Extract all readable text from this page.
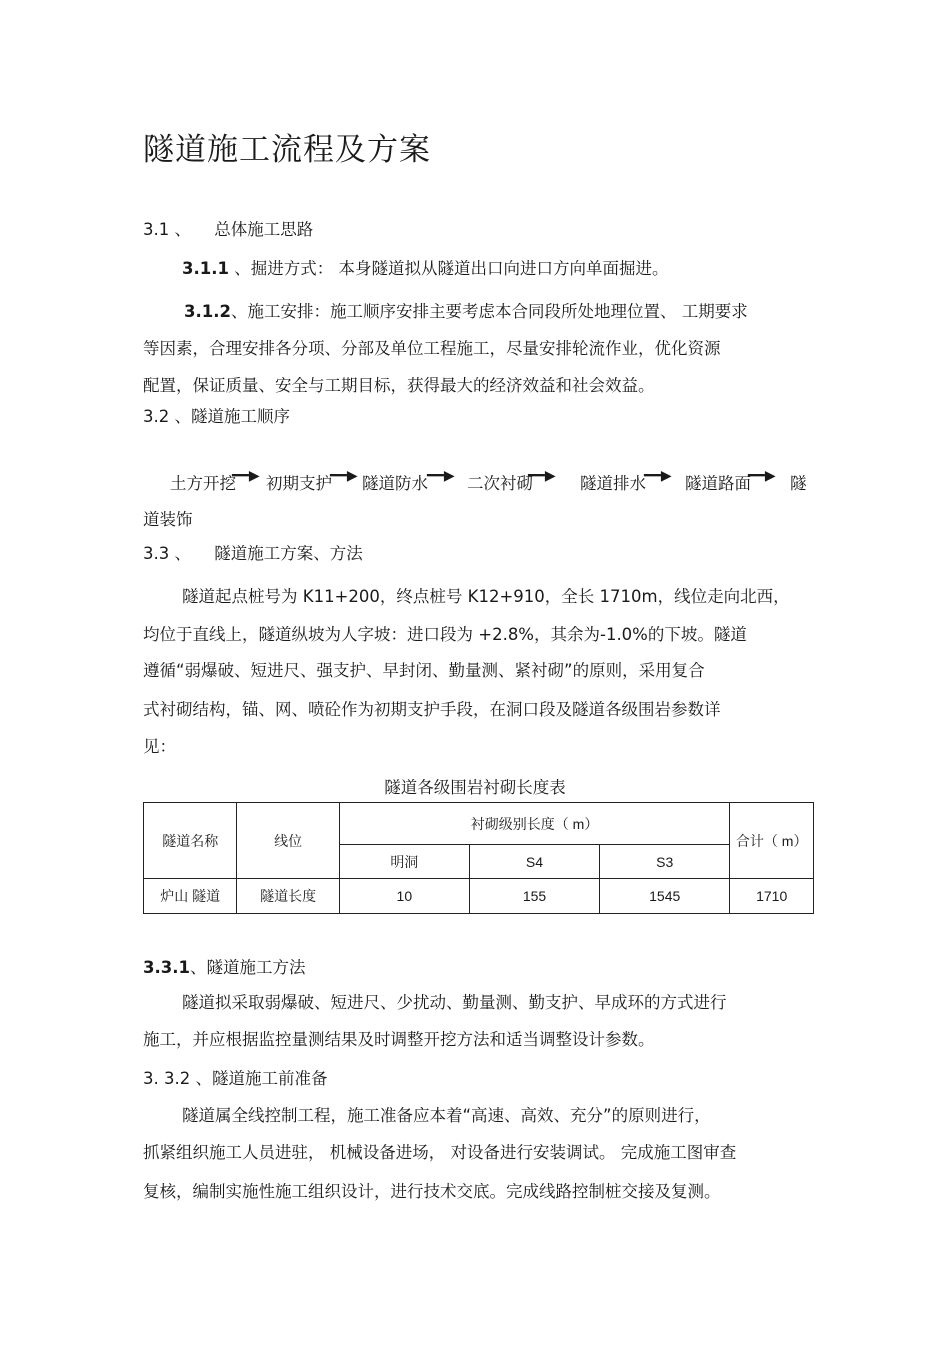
隧道施工流程及方案
3.1 、 总体施工思路
3.1.1 、掘进方式： 本身隧道拟从隧道出口向进口方向单面掘进。
3.1.2、施工安排：施工顺序安排主要考虑本合同段所处地理位置、 工期要求
等因素，合理安排各分项、分部及单位工程施工，尽量安排轮流作业，优化资源
配置，保证质量、安全与工期目标，获得最大的经济效益和社会效益。
3.2 、隧道施工顺序
土方开挖
━━▶ 初期支护
━━▶ 隧道防水 ━━▶ 二次衬砌
━━▶ 隧道排水
━━▶ 隧道路面
━━▶ 隧
道装饰
3.3 、 隧道施工方案、方法
隧道起点桩号为 K11+200，终点桩号 K12+910，全长 1710m，线位走向北西，
均位于直线上，隧道纵坡为人字坡：进口段为 +2.8%，其余为-1.0%的下坡。隧道
遵循“弱爆破、短进尺、强支护、早封闭、勤量测、紧衬砌”的原则，采用复合
式衬砌结构，锚、网、喷砼作为初期支护手段，在洞口段及隧道各级围岩参数详
见：
隧道各级围岩衬砌长度表
隧道名称	线位	衬砌级别长度（ m）			合计（ m）
		明洞	S4	S3	
炉山 隧道	隧道长度	10	155	1545	1710
3.3.1、隧道施工方法
隧道拟采取弱爆破、短进尺、少扰动、勤量测、勤支护、早成环的方式进行
施工，并应根据监控量测结果及时调整开挖方法和适当调整设计参数。
3. 3.2 、隧道施工前准备
隧道属全线控制工程，施工准备应本着“高速、高效、充分”的原则进行，
抓紧组织施工人员进驻， 机械设备进场， 对设备进行安装调试。 完成施工图审查
复核，编制实施性施工组织设计，进行技术交底。完成线路控制桩交接及复测。
